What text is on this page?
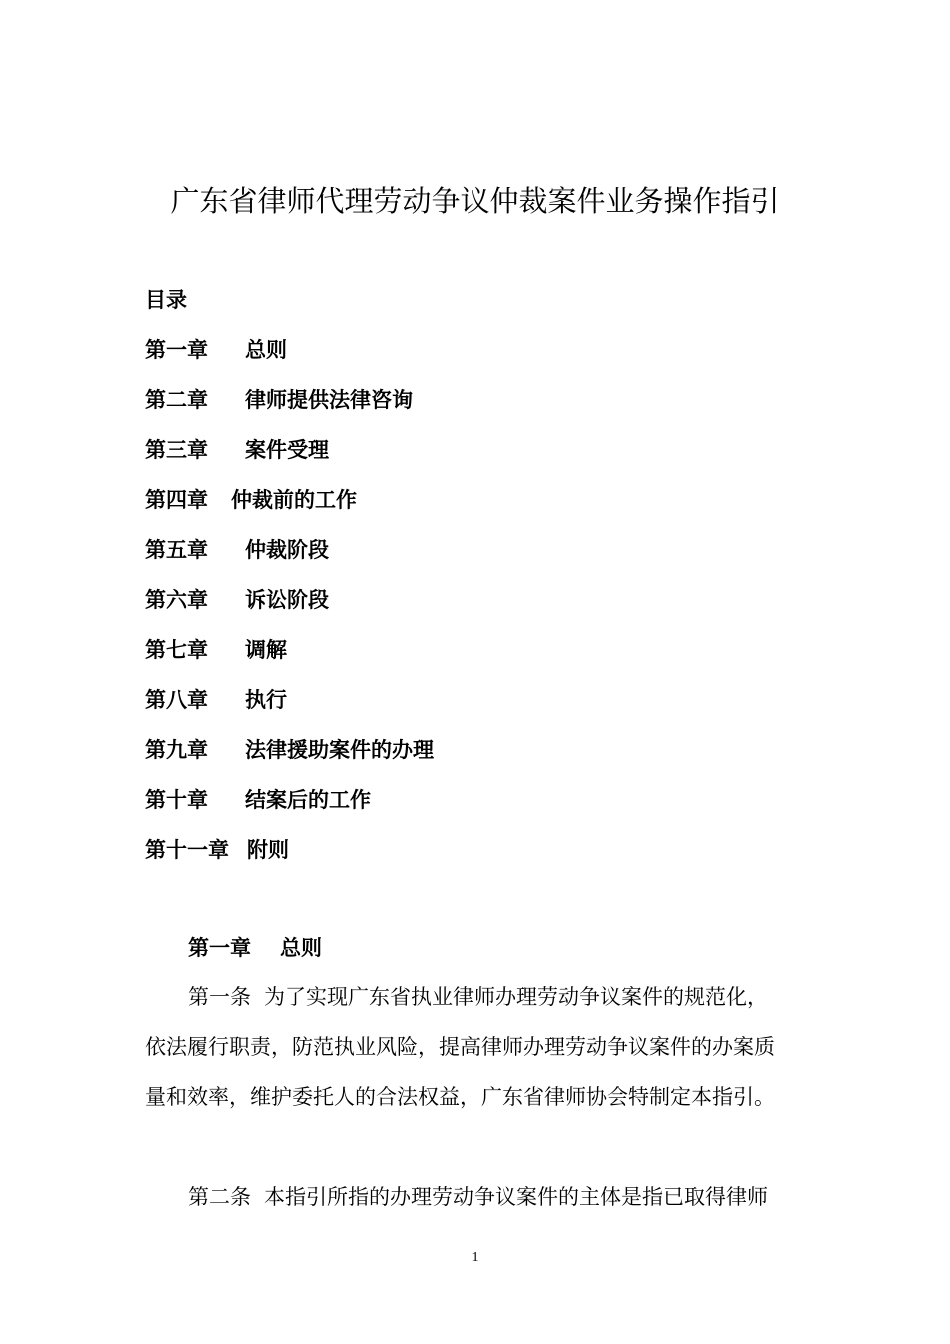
广东省律师代理劳动争议仲裁案件业务操作指引
目录
第一章 总则
第二章 律师提供法律咨询
第三章 案件受理
第四章 仲裁前的工作
第五章 仲裁阶段
第六章 诉讼阶段
第七章 调解
第八章 执行
第九章 法律援助案件的办理
第十章 结案后的工作
第十一章 附则
第一章 总则

第一条 为了实现广东省执业律师办理劳动争议案件的规范化，
依法履行职责，防范执业风险，提高律师办理劳动争议案件的办案质
量和效率，维护委托人的合法权益，广东省律师协会特制定本指引。

第二条 本指引所指的办理劳动争议案件的主体是指已取得律师

1
